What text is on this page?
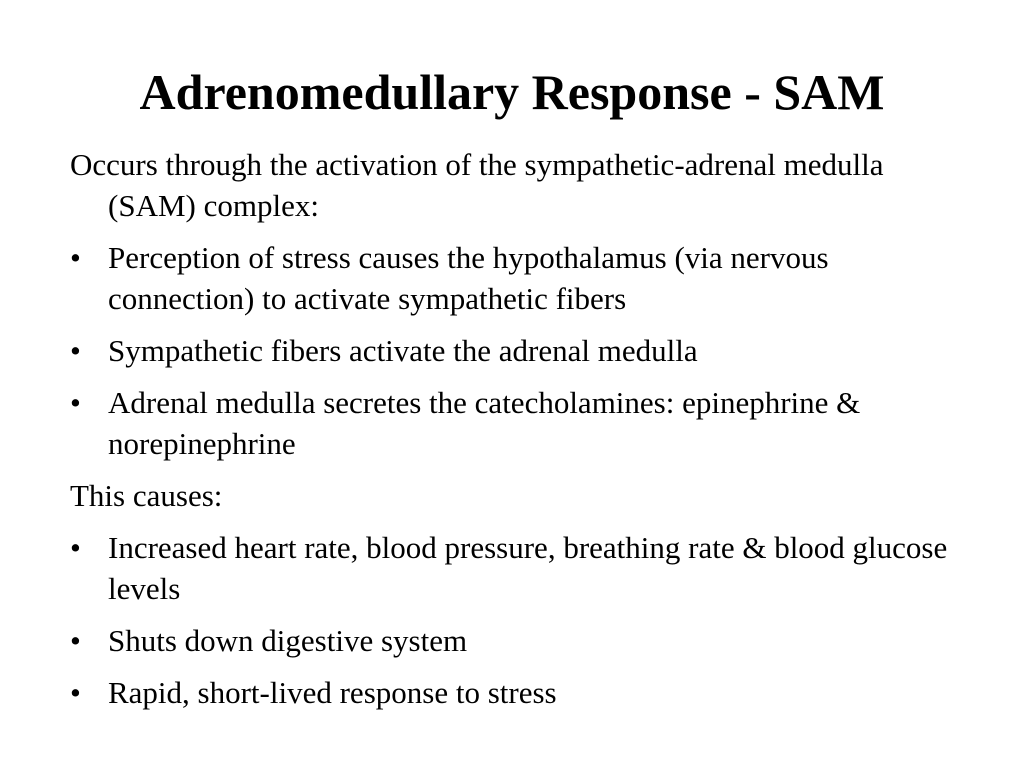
Adrenomedullary Response - SAM

Occurs through the activation of the sympathetic-adrenal medulla (SAM) complex:

• Perception of stress causes the hypothalamus (via nervous connection) to activate sympathetic fibers
• Sympathetic fibers activate the adrenal medulla
• Adrenal medulla secretes the catecholamines: epinephrine & norepinephrine

This causes:

• Increased heart rate, blood pressure, breathing rate & blood glucose levels
• Shuts down digestive system
• Rapid, short-lived response to stress
